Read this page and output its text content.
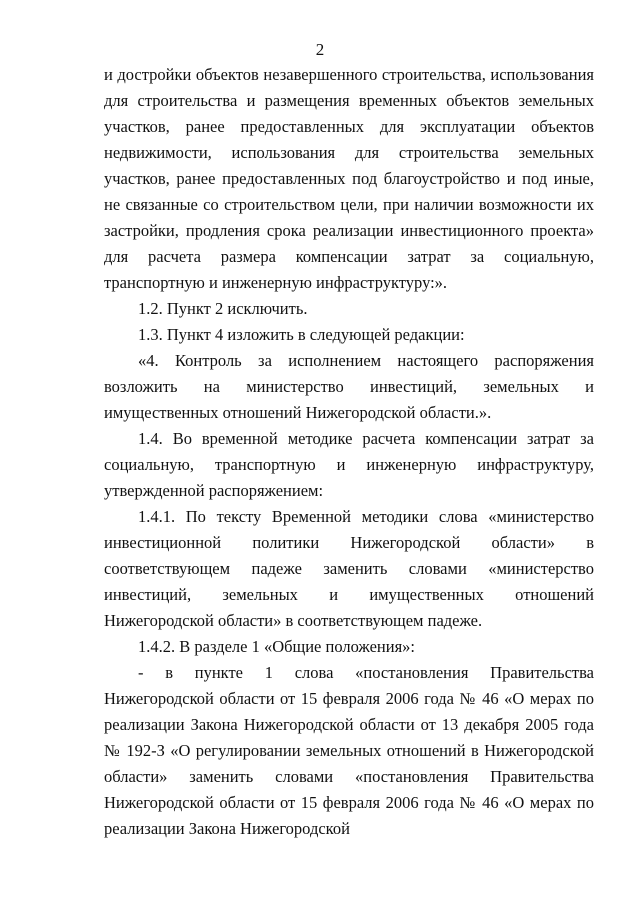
2

и достройки объектов незавершенного строительства, использования для строительства и размещения временных объектов земельных участков, ранее предоставленных для эксплуатации объектов недвижимости, использования для строительства земельных участков, ранее предоставленных под благоустройство и под иные, не связанные со строительством цели, при наличии возможности их застройки, продления срока реализации инвестиционного проекта» для расчета размера компенсации затрат за социальную, транспортную и инженерную инфраструктуру:».

1.2. Пункт 2 исключить.

1.3. Пункт 4 изложить в следующей редакции:

«4. Контроль за исполнением настоящего распоряжения возложить на министерство инвестиций, земельных и имущественных отношений Нижегородской области.».

1.4. Во временной методике расчета компенсации затрат за социальную, транспортную и инженерную инфраструктуру, утвержденной распоряжением:

1.4.1. По тексту Временной методики слова «министерство инвестиционной политики Нижегородской области» в соответствующем падеже заменить словами «министерство инвестиций, земельных и имущественных отношений Нижегородской области» в соответствующем падеже.

1.4.2. В разделе 1 «Общие положения»:

- в пункте 1 слова «постановления Правительства Нижегородской области от 15 февраля 2006 года № 46 «О мерах по реализации Закона Нижегородской области от 13 декабря 2005 года № 192-З «О регулировании земельных отношений в Нижегородской области» заменить словами «постановления Правительства Нижегородской области от 15 февраля 2006 года № 46 «О мерах по реализации Закона Нижегородской
